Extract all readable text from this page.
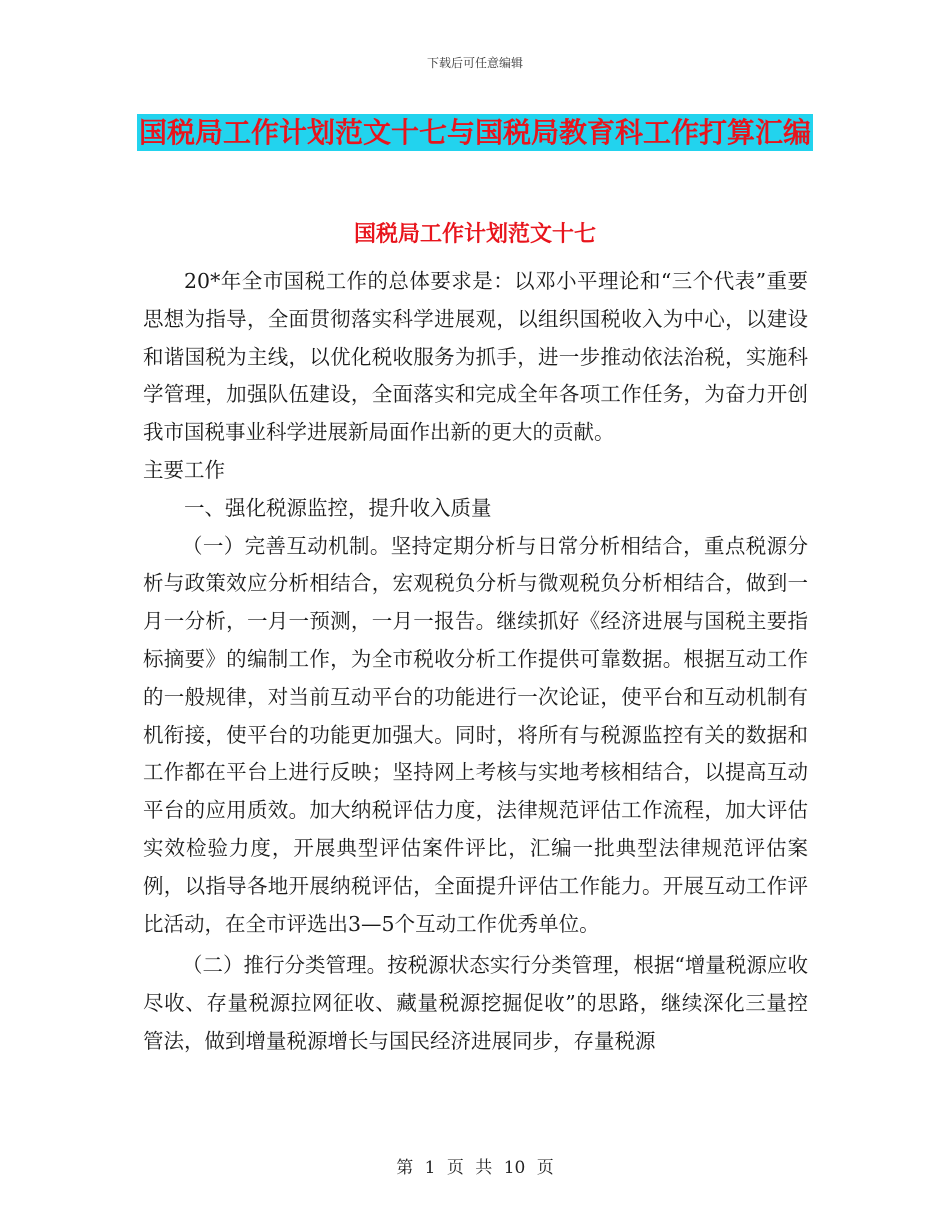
下载后可任意编辑
国税局工作计划范文十七与国税局教育科工作打算汇编
国税局工作计划范文十七

20*年全市国税工作的总体要求是：以邓小平理论和“三个代表”重要思想为指导，全面贯彻落实科学进展观，以组织国税收入为中心，以建设和谐国税为主线，以优化税收服务为抓手，进一步推动依法治税，实施科学管理，加强队伍建设，全面落实和完成全年各项工作任务，为奋力开创我市国税事业科学进展新局面作出新的更大的贡献。

主要工作

一、强化税源监控，提升收入质量

（一）完善互动机制。坚持定期分析与日常分析相结合，重点税源分析与政策效应分析相结合，宏观税负分析与微观税负分析相结合，做到一月一分析，一月一预测，一月一报告。继续抓好《经济进展与国税主要指标摘要》的编制工作，为全市税收分析工作提供可靠数据。根据互动工作的一般规律，对当前互动平台的功能进行一次论证，使平台和互动机制有机衔接，使平台的功能更加强大。同时，将所有与税源监控有关的数据和工作都在平台上进行反映；坚持网上考核与实地考核相结合，以提高互动平台的应用质效。加大纳税评估力度，法律规范评估工作流程，加大评估实效检验力度，开展典型评估案件评比，汇编一批典型法律规范评估案例，以指导各地开展纳税评估，全面提升评估工作能力。开展互动工作评比活动，在全市评选出3—5个互动工作优秀单位。

（二）推行分类管理。按税源状态实行分类管理，根据“增量税源应收尽收、存量税源拉网征收、藏量税源挖掘促收”的思路，继续深化三量控管法，做到增量税源增长与国民经济进展同步，存量税源

第 1 页 共 10 页
